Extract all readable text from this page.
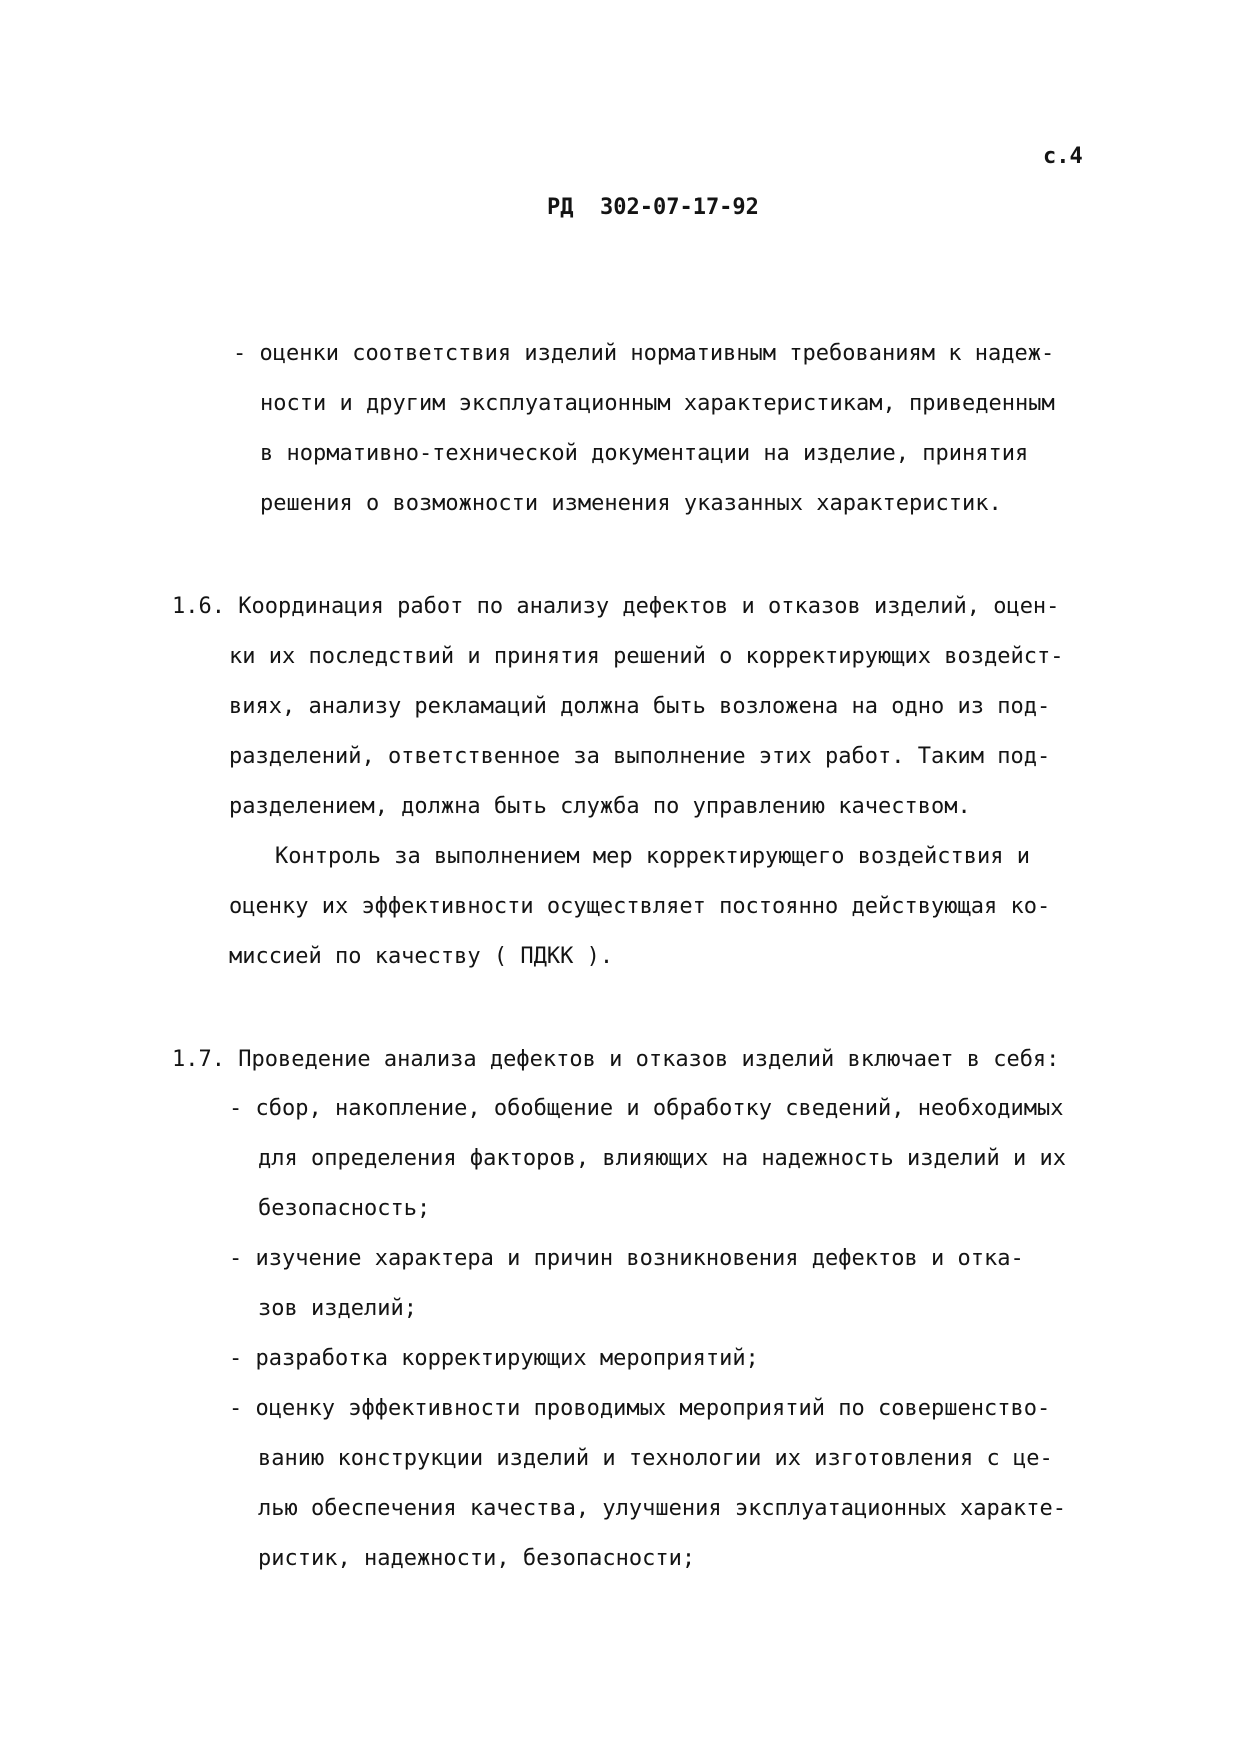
с.4
РД  302-07-17-92
- оценки соответствия изделий нормативным требованиям к надеж-
ности и другим эксплуатационным характеристикам, приведенным
в нормативно-технической документации на изделие, принятия
решения о возможности изменения указанных характеристик.
1.6. Координация работ по анализу дефектов и отказов изделий, оцен-
ки их последствий и принятия решений о корректирующих воздейст-
виях, анализу рекламаций должна быть возложена на одно из под-
разделений, ответственное за выполнение этих работ. Таким под-
разделением, должна быть служба по управлению качеством.
Контроль за выполнением мер корректирующего воздействия и
оценку их эффективности осуществляет постоянно действующая ко-
миссией по качеству ( ПДКК ).
1.7. Проведение анализа дефектов и отказов изделий включает в себя:
- сбор, накопление, обобщение и обработку сведений, необходимых
для определения факторов, влияющих на надежность изделий и их
безопасность;
- изучение характера и причин возникновения дефектов и отка-
зов изделий;
- разработка корректирующих мероприятий;
- оценку эффективности проводимых мероприятий по совершенство-
ванию конструкции изделий и технологии их изготовления с це-
лью обеспечения качества, улучшения эксплуатационных характе-
ристик, надежности, безопасности;
